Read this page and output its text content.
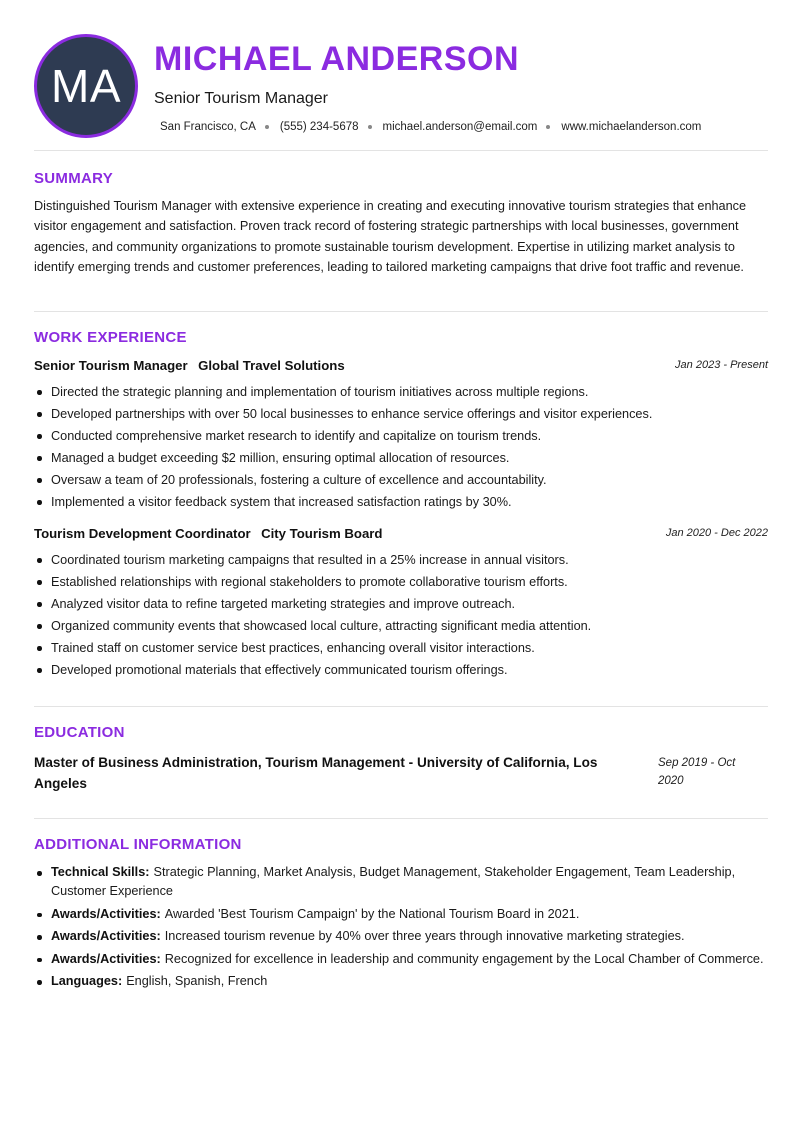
MA
MICHAEL ANDERSON
Senior Tourism Manager
San Francisco, CA (555) 234-5678 michael.anderson@email.com www.michaelanderson.com
SUMMARY

Distinguished Tourism Manager with extensive experience in creating and executing innovative tourism strategies that enhance visitor engagement and satisfaction. Proven track record of fostering strategic partnerships with local businesses, government agencies, and community organizations to promote sustainable tourism development. Expertise in utilizing market analysis to identify emerging trends and customer preferences, leading to tailored marketing campaigns that drive foot traffic and revenue.

WORK EXPERIENCE
Senior Tourism Manager Global Travel Solutions	Jan 2023 - Present
Directed the strategic planning and implementation of tourism initiatives across multiple regions.
Developed partnerships with over 50 local businesses to enhance service offerings and visitor experiences.
Conducted comprehensive market research to identify and capitalize on tourism trends.
Managed a budget exceeding $2 million, ensuring optimal allocation of resources.
Oversaw a team of 20 professionals, fostering a culture of excellence and accountability.
Implemented a visitor feedback system that increased satisfaction ratings by 30%.
Tourism Development Coordinator City Tourism Board	Jan 2020 - Dec 2022
Coordinated tourism marketing campaigns that resulted in a 25% increase in annual visitors.
Established relationships with regional stakeholders to promote collaborative tourism efforts.
Analyzed visitor data to refine targeted marketing strategies and improve outreach.
Organized community events that showcased local culture, attracting significant media attention.
Trained staff on customer service best practices, enhancing overall visitor interactions.
Developed promotional materials that effectively communicated tourism offerings.
EDUCATION
Master of Business Administration, Tourism Management - University of California, Los Angeles
Sep 2019 - Oct 2020
ADDITIONAL INFORMATION
Technical Skills: Strategic Planning, Market Analysis, Budget Management, Stakeholder Engagement, Team Leadership, Customer Experience
Awards/Activities: Awarded 'Best Tourism Campaign' by the National Tourism Board in 2021.
Awards/Activities: Increased tourism revenue by 40% over three years through innovative marketing strategies.
Awards/Activities: Recognized for excellence in leadership and community engagement by the Local Chamber of Commerce.
Languages: English, Spanish, French
